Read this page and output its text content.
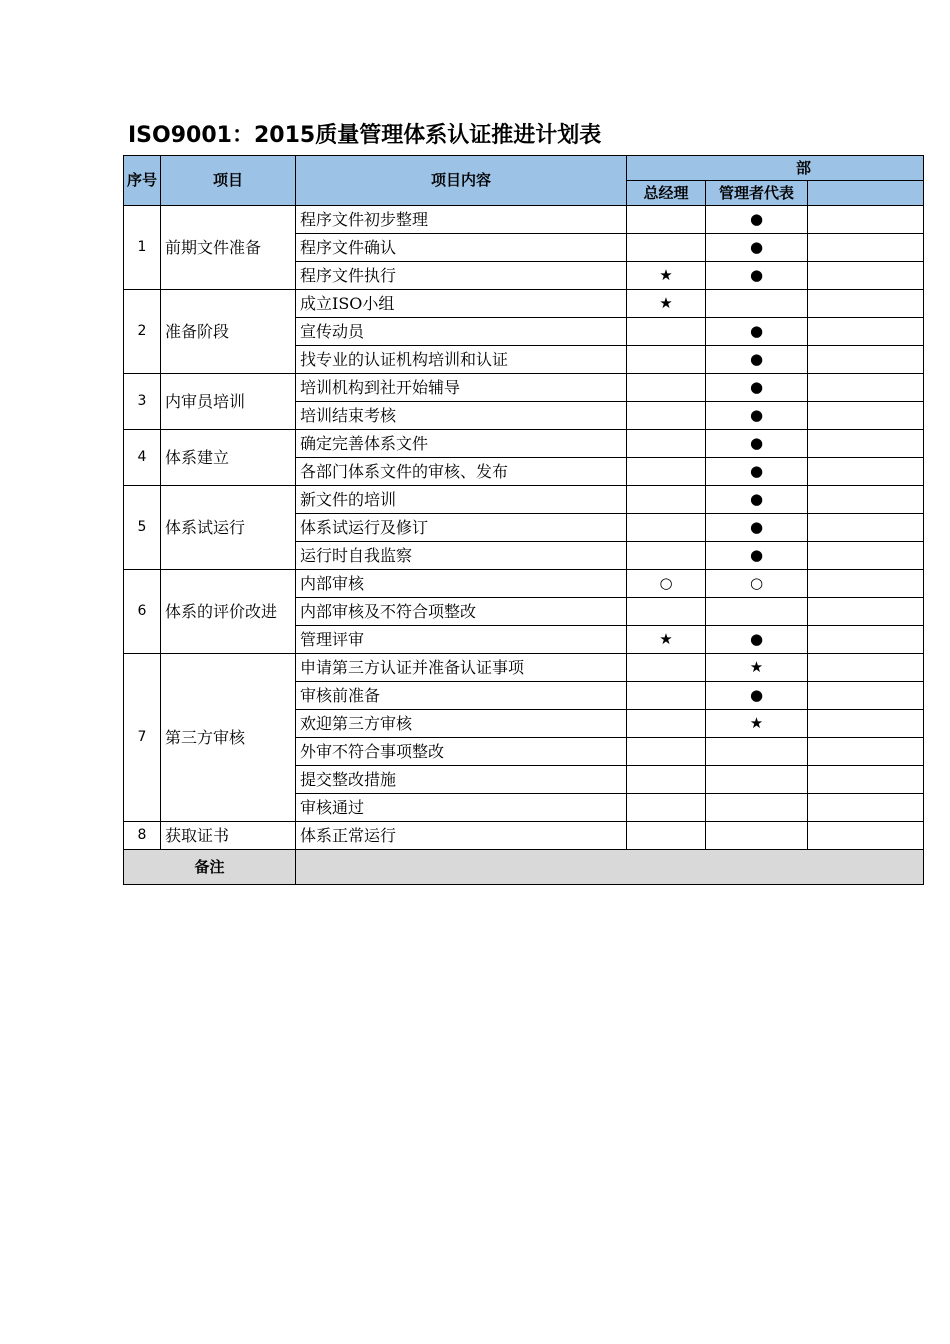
ISO9001：2015质量管理体系认证推进计划表
序号	项目	项目内容	部		
			总经理	管理者代表	
1	前期文件准备	程序文件初步整理		●	
		程序文件确认		●	
		程序文件执行	★	●	
2	准备阶段	成立ISO小组	★		
		宣传动员		●	
		找专业的认证机构培训和认证		●	
3	内审员培训	培训机构到社开始辅导		●	
		培训结束考核		●	
4	体系建立	确定完善体系文件		●	
		各部门体系文件的审核、发布		●	
5	体系试运行	新文件的培训		●	
		体系试运行及修订		●	
		运行时自我监察		●	
6	体系的评价改进	内部审核	○	○	
		内部审核及不符合项整改			
		管理评审	★	●	
7	第三方审核	申请第三方认证并准备认证事项		★	
		审核前准备		●	
		欢迎第三方审核		★	
		外审不符合事项整改			
		提交整改措施			
		审核通过			
8	获取证书	体系正常运行			
备注					
